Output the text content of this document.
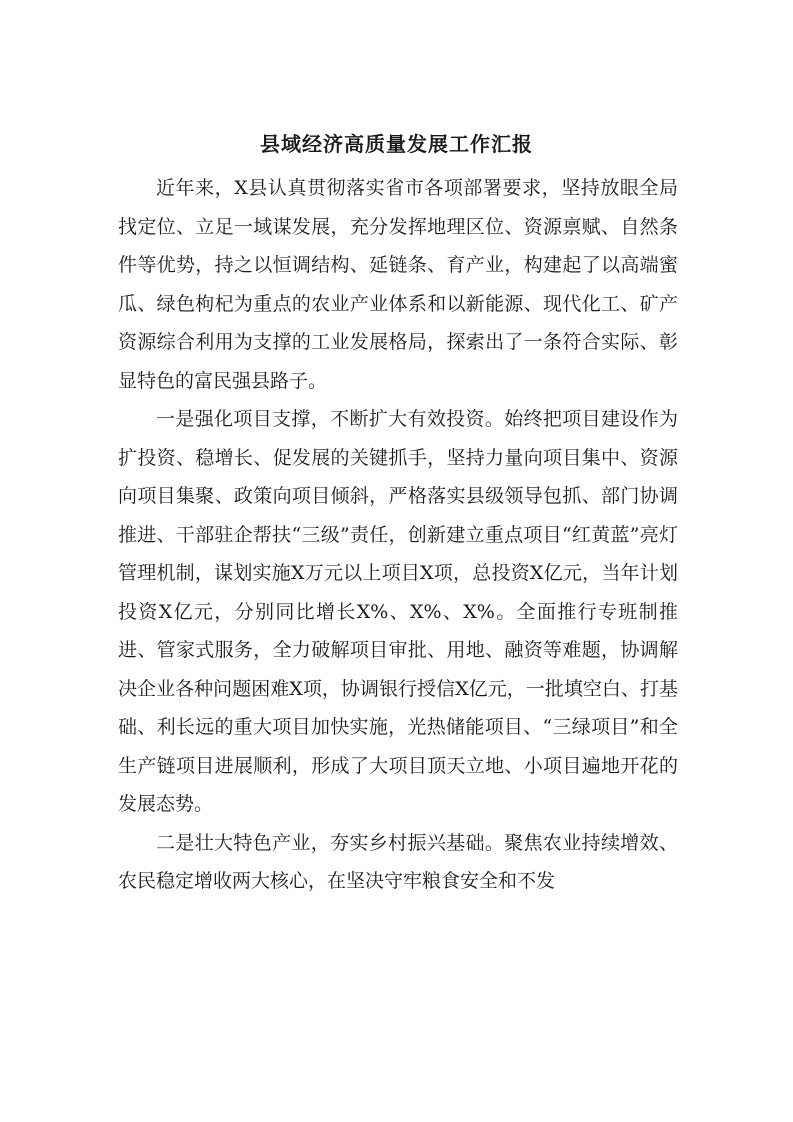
县域经济高质量发展工作汇报

近年来，X县认真贯彻落实省市各项部署要求，坚持放眼全局找定位、立足一域谋发展，充分发挥地理区位、资源禀赋、自然条件等优势，持之以恒调结构、延链条、育产业，构建起了以高端蜜瓜、绿色枸杞为重点的农业产业体系和以新能源、现代化工、矿产资源综合利用为支撑的工业发展格局，探索出了一条符合实际、彰显特色的富民强县路子。

一是强化项目支撑，不断扩大有效投资。始终把项目建设作为扩投资、稳增长、促发展的关键抓手，坚持力量向项目集中、资源向项目集聚、政策向项目倾斜，严格落实县级领导包抓、部门协调推进、干部驻企帮扶“三级”责任，创新建立重点项目“红黄蓝”亮灯管理机制，谋划实施X万元以上项目X项，总投资X亿元，当年计划投资X亿元，分别同比增长X%、X%、X%。全面推行专班制推进、管家式服务，全力破解项目审批、用地、融资等难题，协调解决企业各种问题困难X项，协调银行授信X亿元，一批填空白、打基础、利长远的重大项目加快实施，光热储能项目、“三绿项目”和全生产链项目进展顺利，形成了大项目顶天立地、小项目遍地开花的发展态势。

二是壮大特色产业，夯实乡村振兴基础。聚焦农业持续增效、农民稳定增收两大核心，在坚决守牢粮食安全和不发
